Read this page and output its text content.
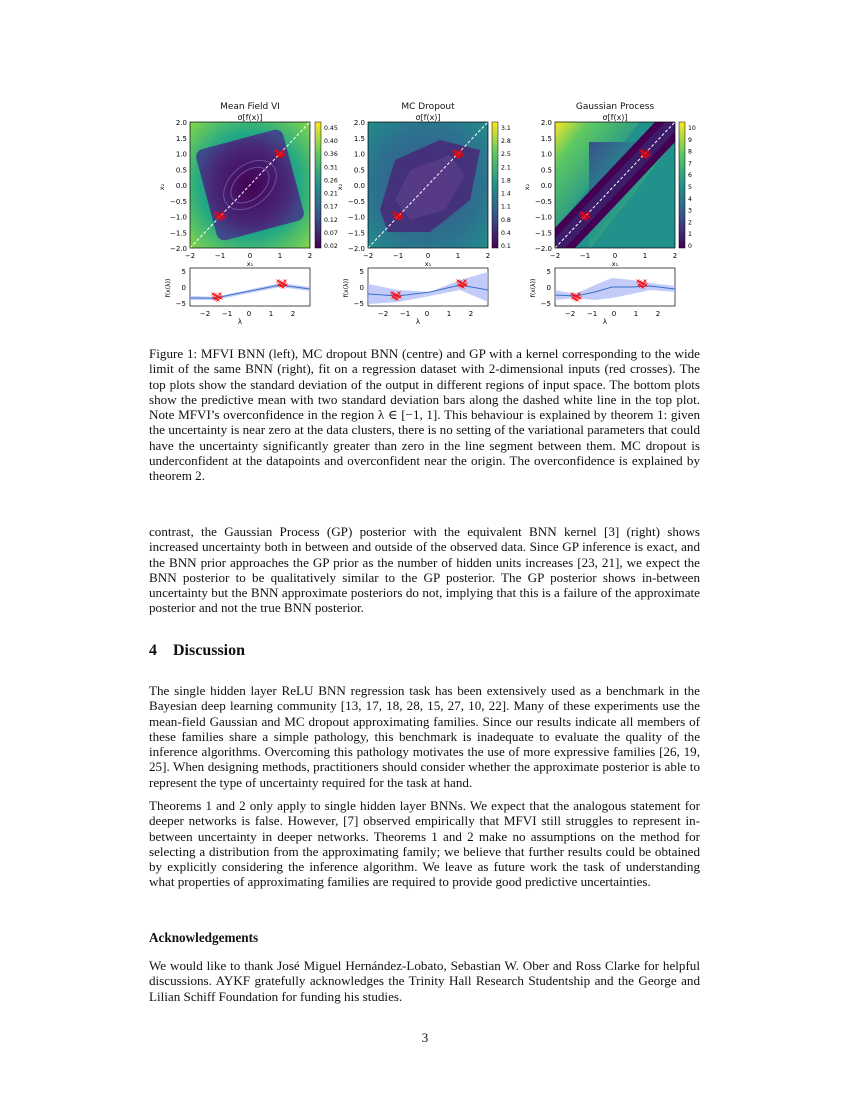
2.0
1.5
1.0
0.5
0.0
−0.5
−1.0
−1.5
−2.0
−2	−1	0	1	2
x₁
x₂
0.45
0.40
0.36
0.31
0.26
0.21
0.17
0.12
0.07
0.02
5
0
−5
−2 −1 0	1	2
λ
f(x(λ))
2.0
1.5
1.0
0.5
0.0
−0.5
−1.0
−1.5
−2.0
−2	−1	0	1	2
x₁
x₂
3.1
2.8
2.5
2.1
1.8
1.4
1.1
0.8
0.4
0.1
5
0
−5
−2 −1 0	1	2
λ
f(x(λ))
2.0
1.5
1.0
0.5
0.0
−0.5
−1.0
−1.5
−2.0
−2	−1	0	1	2
x₁
x₂
10
9
8
7
6
5
4
3
2
1
0
5
0
−5
−2 −1 0	1	2
λ
f(x(λ))
Mean Field VI
σ[f(x)]
MC Dropout
σ[f(x)]
Gaussian Process
σ[f(x)]
Figure 1: MFVI BNN (left), MC dropout BNN (centre) and GP with a kernel corresponding to the wide limit of the same BNN (right), fit on a regression dataset with 2-dimensional inputs (red crosses). The top plots show the standard deviation of the output in different regions of input space. The bottom plots show the predictive mean with two standard deviation bars along the dashed white line in the top plot. Note MFVI’s overconfidence in the region λ ∈ [−1, 1]. This behaviour is explained by theorem 1: given the uncertainty is near zero at the data clusters, there is no setting of the variational parameters that could have the uncertainty significantly greater than zero in the line segment between them. MC dropout is underconfident at the datapoints and overconfident near the origin. The overconfidence is explained by theorem 2.
contrast, the Gaussian Process (GP) posterior with the equivalent BNN kernel [3] (right) shows increased uncertainty both in between and outside of the observed data. Since GP inference is exact, and the BNN prior approaches the GP prior as the number of hidden units increases [23, 21], we expect the BNN posterior to be qualitatively similar to the GP posterior. The GP posterior shows in-between uncertainty but the BNN approximate posteriors do not, implying that this is a failure of the approximate posterior and not the true BNN posterior.
4 Discussion
The single hidden layer ReLU BNN regression task has been extensively used as a benchmark in the Bayesian deep learning community [13, 17, 18, 28, 15, 27, 10, 22]. Many of these experiments use the mean-field Gaussian and MC dropout approximating families. Since our results indicate all members of these families share a simple pathology, this benchmark is inadequate to evaluate the quality of the inference algorithms. Overcoming this pathology motivates the use of more expressive families [26, 19, 25]. When designing methods, practitioners should consider whether the approximate posterior is able to represent the type of uncertainty required for the task at hand.
Theorems 1 and 2 only apply to single hidden layer BNNs. We expect that the analogous statement for deeper networks is false. However, [7] observed empirically that MFVI still struggles to represent in-between uncertainty in deeper networks. Theorems 1 and 2 make no assumptions on the method for selecting a distribution from the approximating family; we believe that further results could be obtained by explicitly considering the inference algorithm. We leave as future work the task of understanding what properties of approximating families are required to provide good predictive uncertainties.
Acknowledgements
We would like to thank José Miguel Hernández-Lobato, Sebastian W. Ober and Ross Clarke for helpful discussions. AYKF gratefully acknowledges the Trinity Hall Research Studentship and the George and Lilian Schiff Foundation for funding his studies.
3
